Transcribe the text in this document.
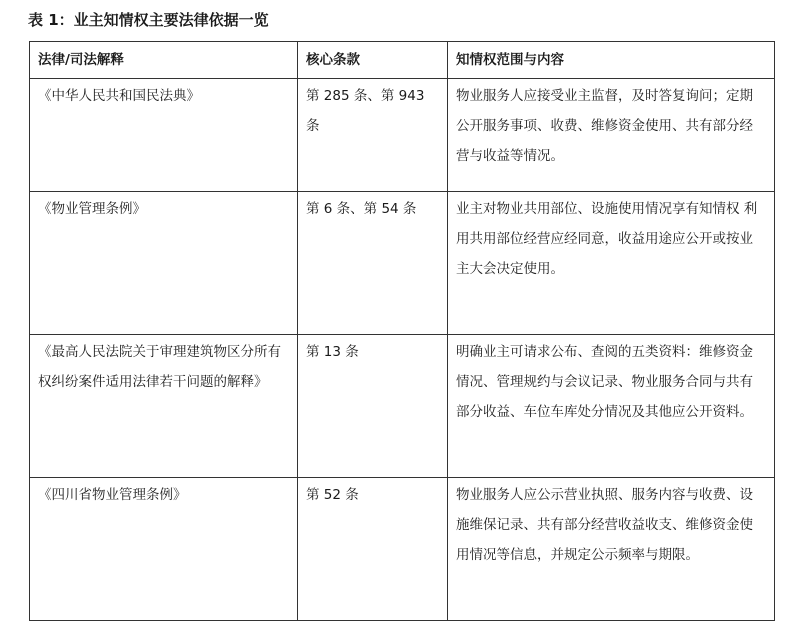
表 1：业主知情权主要法律依据一览
法律/司法解释	核心条款	知情权范围与内容
《中华人民共和国民法典》	第 285 条、第 943 条	物业服务人应接受业主监督，及时答复询问；定期公开服务事项、收费、维修资金使用、共有部分经营与收益等情况。
《物业管理条例》	第 6 条、第 54 条	业主对物业共用部位、设施使用情况享有知情权 利用共用部位经营应经同意，收益用途应公开或按业主大会决定使用。
《最高人民法院关于审理建筑物区分所有权纠纷案件适用法律若干问题的解释》	第 13 条	明确业主可请求公布、查阅的五类资料：维修资金情况、管理规约与会议记录、物业服务合同与共有部分收益、车位车库处分情况及其他应公开资料。
《四川省物业管理条例》	第 52 条	物业服务人应公示营业执照、服务内容与收费、设施维保记录、共有部分经营收益收支、维修资金使用情况等信息，并规定公示频率与期限。
